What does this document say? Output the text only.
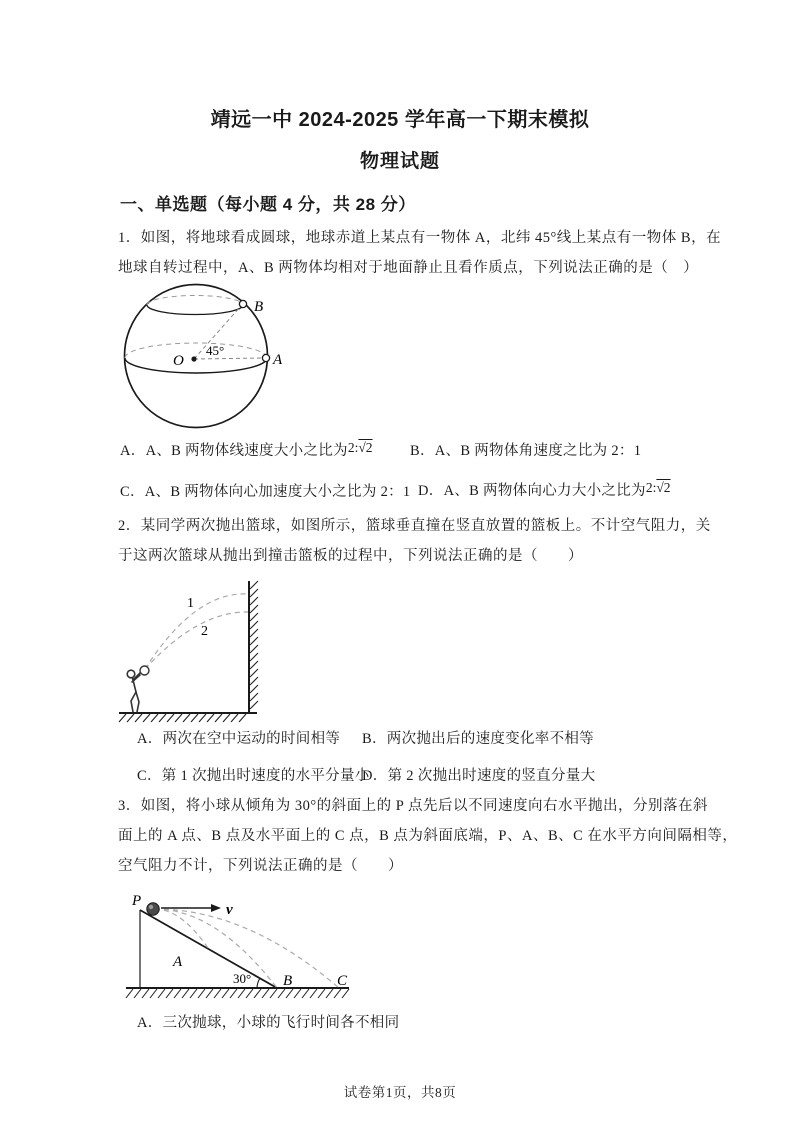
靖远一中 2024-2025 学年高一下期末模拟
物理试题
一、单选题（每小题 4 分，共 28 分）
1．如图，将地球看成圆球，地球赤道上某点有一物体 A，北纬 45°线上某点有一物体 B，在
地球自转过程中，A、B 两物体均相对于地面静止且看作质点，下列说法正确的是（　）
O
B
A
45°
A．A、B 两物体线速度大小之比为2:√2	B．A、B 两物体角速度之比为 2：1
C．A、B 两物体向心加速度大小之比为 2：1 D．A、B 两物体向心力大小之比为2:√2
2．某同学两次抛出篮球，如图所示，篮球垂直撞在竖直放置的篮板上。不计空气阻力，关
于这两次篮球从抛出到撞击篮板的过程中，下列说法正确的是（　　）
1
2
A．两次在空中运动的时间相等 B．两次抛出后的速度变化率不相等
C．第 1 次抛出时速度的水平分量小
D．第 2 次抛出时速度的竖直分量大
3．如图，将小球从倾角为 30°的斜面上的 P 点先后以不同速度向右水平抛出，分别落在斜
面上的 A 点、B 点及水平面上的 C 点，B 点为斜面底端，P、A、B、C 在水平方向间隔相等，
空气阻力不计，下列说法正确的是（　　）
P
v
A
30° B	C
A．三次抛球，小球的飞行时间各不相同
试卷第1页，共8页
